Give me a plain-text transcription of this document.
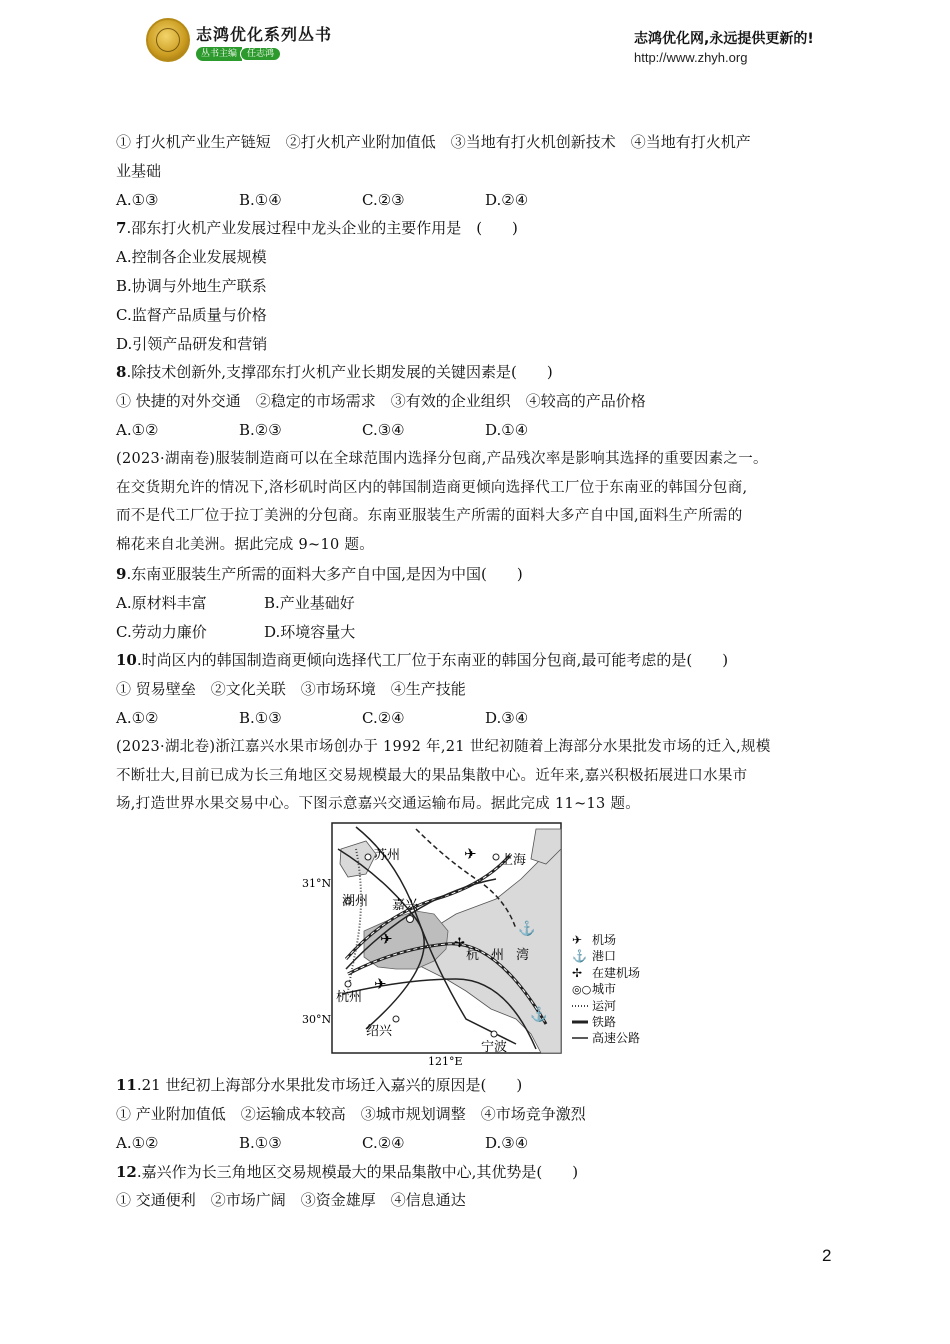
志鸿优化系列丛书
丛书主编	任志鸿
志鸿优化网,永远提供更新的!
http://www.zhyh.org
① 打火机产业生产链短　②打火机产业附加值低　③当地有打火机创新技术　④当地有打火机产
业基础
A.①③	B.①④	C.②③	D.②④
7.邵东打火机产业发展过程中龙头企业的主要作用是　(　　)
A.控制各企业发展规模
B.协调与外地生产联系
C.监督产品质量与价格
D.引领产品研发和营销
8.除技术创新外,支撑邵东打火机产业长期发展的关键因素是(　　)
① 快捷的对外交通　②稳定的市场需求　③有效的企业组织　④较高的产品价格
A.①②	B.②③	C.③④	D.①④
(2023·湖南卷)服装制造商可以在全球范围内选择分包商,产品残次率是影响其选择的重要因素之一。
在交货期允许的情况下,洛杉矶时尚区内的韩国制造商更倾向选择代工厂位于东南亚的韩国分包商,
而不是代工厂位于拉丁美洲的分包商。东南亚服装生产所需的面料大多产自中国,面料生产所需的
棉花来自北美洲。据此完成 9~10 题。
9.东南亚服装生产所需的面料大多产自中国,是因为中国(　　)
A.原材料丰富	B.产业基础好
C.劳动力廉价	D.环境容量大
10.时尚区内的韩国制造商更倾向选择代工厂位于东南亚的韩国分包商,最可能考虑的是(　　)
① 贸易壁垒　②文化关联　③市场环境　④生产技能
A.①②	B.①③	C.②④	D.③④
(2023·湖北卷)浙江嘉兴水果市场创办于 1992 年,21 世纪初随着上海部分水果批发市场的迁入,规模
不断壮大,目前已成为长三角地区交易规模最大的果品集散中心。近年来,嘉兴积极拓展进口水果市
场,打造世界水果交易中心。下图示意嘉兴交通运输布局。据此完成 11~13 题。
✈
✈
✈
✢
⚓
⚓
苏州	上海
湖州 嘉兴
杭州
绍兴
宁波
杭 州 湾
31°N
30°N
121°E
✈ 机场
⚓ 港口
✢ 在建机场
◎○ 城市
运河
铁路
高速公路
11.21 世纪初上海部分水果批发市场迁入嘉兴的原因是(　　)
① 产业附加值低　②运输成本较高　③城市规划调整　④市场竞争激烈
A.①②	B.①③	C.②④	D.③④
12.嘉兴作为长三角地区交易规模最大的果品集散中心,其优势是(　　)
① 交通便利　②市场广阔　③资金雄厚　④信息通达
2
